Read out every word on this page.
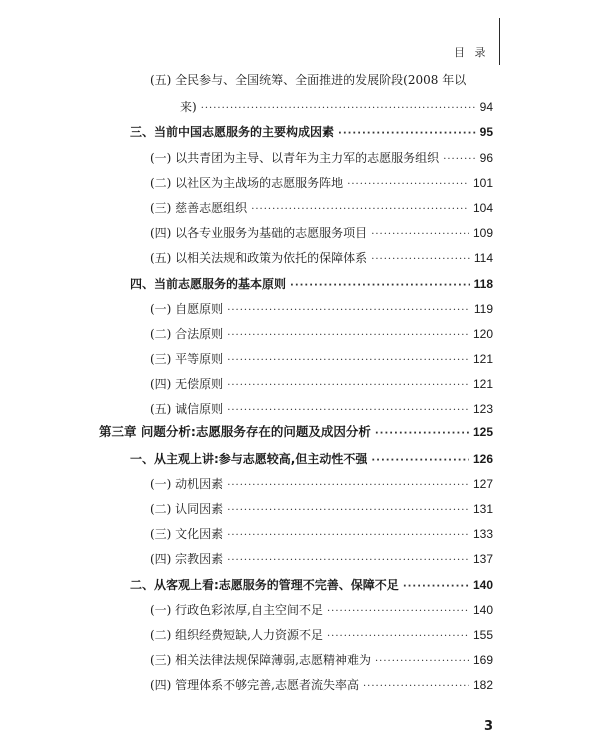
目 录
(五) 全民参与、全国统筹、全面推进的发展阶段(2008 年以
来) ·····	94
三、当前中国志愿服务的主要构成因素 ·····	95
(一) 以共青团为主导、以青年为主力军的志愿服务组织 ·····	96
(二) 以社区为主战场的志愿服务阵地 ·····	101
(三) 慈善志愿组织 ·····	104
(四) 以各专业服务为基础的志愿服务项目 ·····	109
(五) 以相关法规和政策为依托的保障体系 ·····	114
四、当前志愿服务的基本原则 ·····	118
(一) 自愿原则 ·····	119
(二) 合法原则 ·····	120
(三) 平等原则 ·····	121
(四) 无偿原则 ·····	121
(五) 诚信原则 ·····	123
第三章 问题分析:志愿服务存在的问题及成因分析 ·····	125
一、从主观上讲:参与志愿较高,但主动性不强 ·····	126
(一) 动机因素 ·····	127
(二) 认同因素 ·····	131
(三) 文化因素 ·····	133
(四) 宗教因素 ·····	137
二、从客观上看:志愿服务的管理不完善、保障不足 ·····	140
(一) 行政色彩浓厚,自主空间不足 ·····	140
(二) 组织经费短缺,人力资源不足 ·····	155
(三) 相关法律法规保障薄弱,志愿精神难为 ·····	169
(四) 管理体系不够完善,志愿者流失率高 ·····	182
3
